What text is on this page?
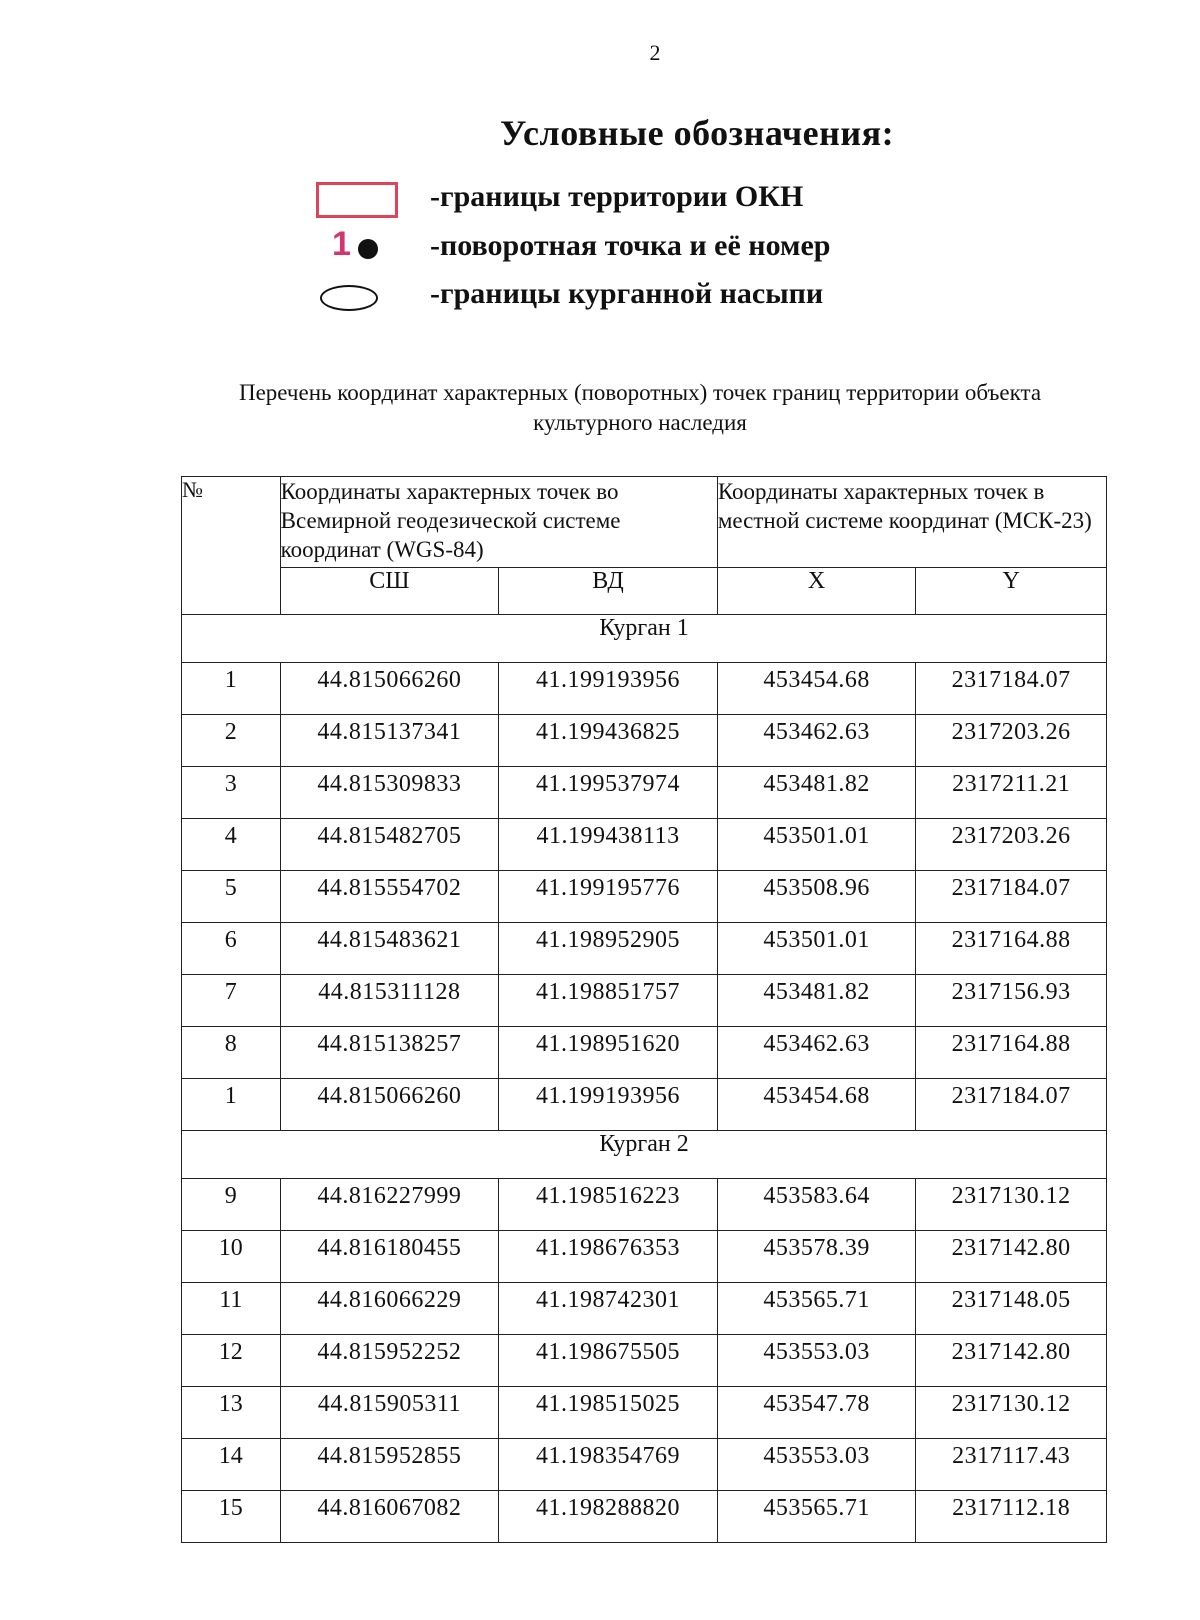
2
Условные обозначения:
-границы территории ОКН
1	-поворотная точка и её номер
-границы курганной насыпи
Перечень координат характерных (поворотных) точек границ территории объекта культурного наследия
№	Координаты характерных точек во Всемирной геодезической системе координат (WGS-84)		Координаты характерных точек в местной системе координат (МСК-23)	
	СШ	ВД	X	Y
Курган 1				
1	44.815066260	41.199193956	453454.68	2317184.07
2	44.815137341	41.199436825	453462.63	2317203.26
3	44.815309833	41.199537974	453481.82	2317211.21
4	44.815482705	41.199438113	453501.01	2317203.26
5	44.815554702	41.199195776	453508.96	2317184.07
6	44.815483621	41.198952905	453501.01	2317164.88
7	44.815311128	41.198851757	453481.82	2317156.93
8	44.815138257	41.198951620	453462.63	2317164.88
1	44.815066260	41.199193956	453454.68	2317184.07
Курган 2				
9	44.816227999	41.198516223	453583.64	2317130.12
10	44.816180455	41.198676353	453578.39	2317142.80
11	44.816066229	41.198742301	453565.71	2317148.05
12	44.815952252	41.198675505	453553.03	2317142.80
13	44.815905311	41.198515025	453547.78	2317130.12
14	44.815952855	41.198354769	453553.03	2317117.43
15	44.816067082	41.198288820	453565.71	2317112.18
